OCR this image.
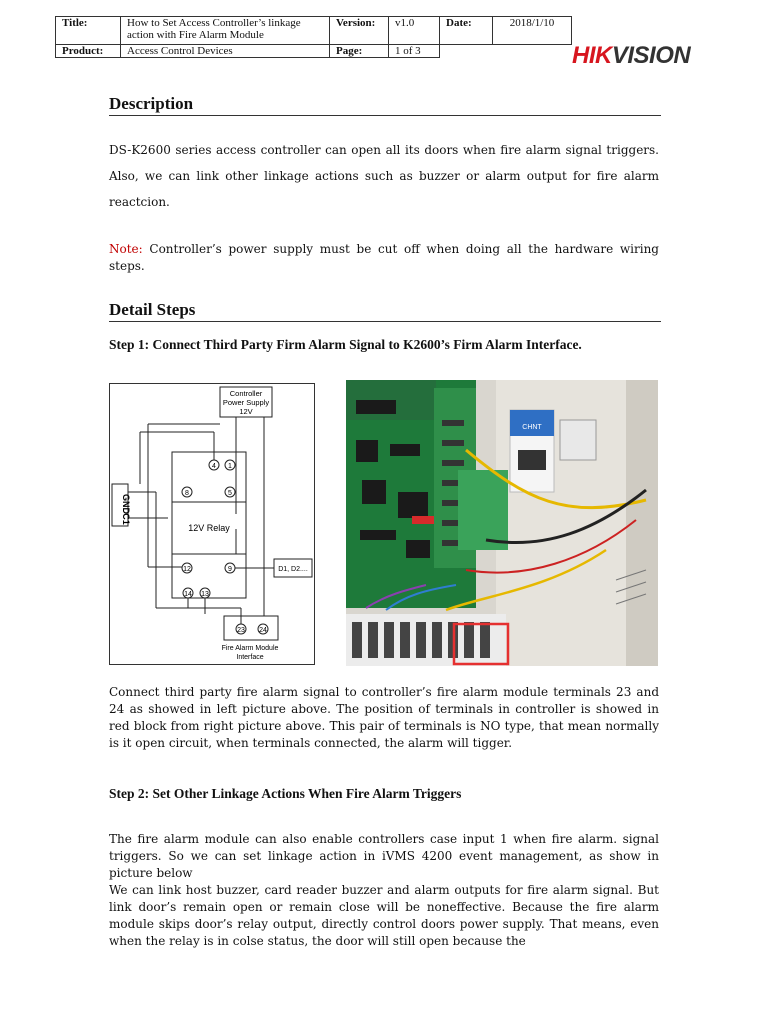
Title:	How to Set Access Controller’s linkage action with Fire Alarm Module	Version:	v1.0	Date:	2018/1/10
Product:	Access Control Devices	Page:	1 of 3			HIKVISION
Description
DS-K2600 series access controller can open all its doors when fire alarm signal triggers. Also, we can link other linkage actions such as buzzer or alarm output for fire alarm reactcion.
Note: Controller’s power supply must be cut off when doing all the hardware wiring steps.
Detail Steps
Step 1: Connect Third Party Firm Alarm Signal to K2600’s Firm Alarm Interface.
Controller
Power Supply
12V
12V Relay
GND
C1
D1, D2....
4 1
8	5
12	9
14 13
23 24
Fire Alarm Module
Interface
CHNT
Connect third party fire alarm signal to controller’s fire alarm module terminals 23 and 24 as showed in left picture above. The position of terminals in controller is showed in red block from right picture above. This pair of terminals is NO type, that mean normally is it open circuit, when terminals connected, the alarm will tigger.
Step 2: Set Other Linkage Actions When Fire Alarm Triggers
The fire alarm module can also enable controllers case input 1 when fire alarm. signal triggers. So we can set linkage action in iVMS 4200 event management, as show in picture below
We can link host buzzer, card reader buzzer and alarm outputs for fire alarm signal. But link door’s remain open or remain close will be noneffective. Because the fire alarm module skips door’s relay output, directly control doors power supply. That means, even when the relay is in colse status, the door will still open because the
